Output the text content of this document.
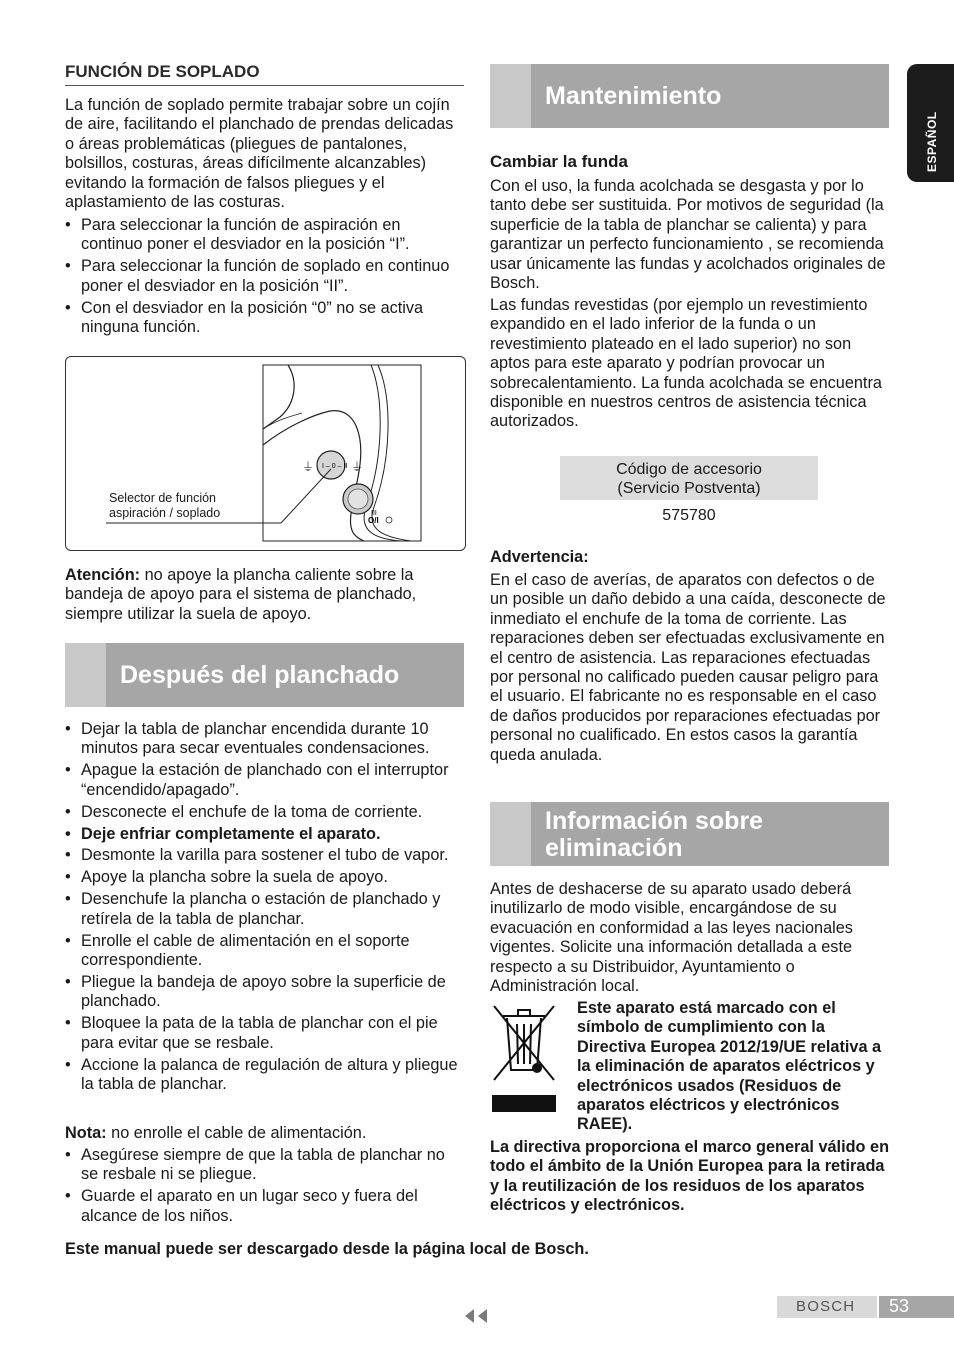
FUNCIÓN DE SOPLADO
La función de soplado permite trabajar sobre un cojín de aire, facilitando el planchado de prendas delicadas o áreas problemáticas (pliegues de pantalones, bolsillos, costuras, áreas difícilmente alcanzables) evitando la formación de falsos pliegues y el aplastamiento de las costuras.
• Para seleccionar la función de aspiración en continuo poner el desviador en la posición “I”.
• Para seleccionar la función de soplado en continuo poner el desviador en la posición “II”.
• Con el desviador en la posición “0” no se activa ninguna función.
I – 0 – II
⏚	⏚
III
O/I
Selector de función
aspiración / soplado
Atención: no apoye la plancha caliente sobre la bandeja de apoyo para el sistema de planchado, siempre utilizar la suela de apoyo.
Después del planchado
• Dejar la tabla de planchar encendida durante 10 minutos para secar eventuales condensaciones.
• Apague la estación de planchado con el interruptor “encendido/apagado”.
• Desconecte el enchufe de la toma de corriente.
• Deje enfriar completamente el aparato.
• Desmonte la varilla para sostener el tubo de vapor.
• Apoye la plancha sobre la suela de apoyo.
• Desenchufe la plancha o estación de planchado y retírela de la tabla de planchar.
• Enrolle el cable de alimentación en el soporte correspondiente.
• Pliegue la bandeja de apoyo sobre la superficie de planchado.
• Bloquee la pata de la tabla de planchar con el pie para evitar que se resbale.
• Accione la palanca de regulación de altura y pliegue la tabla de planchar.
Nota: no enrolle el cable de alimentación.
• Asegúrese siempre de que la tabla de planchar no se resbale ni se pliegue.
• Guarde el aparato en un lugar seco y fuera del alcance de los niños.
Mantenimiento
Cambiar la funda
Con el uso, la funda acolchada se desgasta y por lo tanto debe ser sustituida. Por motivos de seguridad (la superficie de la tabla de planchar se calienta) y para garantizar un perfecto funcionamiento , se recomienda usar únicamente las fundas y acolchados originales de Bosch.
Las fundas revestidas (por ejemplo un revestimiento expandido en el lado inferior de la funda o un revestimiento plateado en el lado superior) no son aptos para este aparato y podrían provocar un sobrecalentamiento. La funda acolchada se encuentra disponible en nuestros centros de asistencia técnica autorizados.
Código de accesorio
(Servicio Postventa)
575780
Advertencia:
En el caso de averías, de aparatos con defectos o de un posible un daño debido a una caída, desconecte de inmediato el enchufe de la toma de corriente. Las reparaciones deben ser efectuadas exclusivamente en el centro de asistencia. Las reparaciones efectuadas por personal no calificado pueden causar peligro para el usuario. El fabricante no es responsable en el caso de daños producidos por reparaciones efectuadas por personal no cualificado. En estos casos la garantía queda anulada.
Información sobre
eliminación
Antes de deshacerse de su aparato usado deberá inutilizarlo de modo visible, encargándose de su evacuación en conformidad a las leyes nacionales vigentes. Solicite una información detallada a este respecto a su Distribuidor, Ayuntamiento o Administración local.
Este aparato está marcado con el símbolo de cumplimiento con la Directiva Europea 2012/19/UE relativa a la eliminación de aparatos eléctricos y electrónicos usados (Residuos de aparatos eléctricos y electrónicos RAEE).
La directiva proporciona el marco general válido en todo el ámbito de la Unión Europea para la retirada y la reutilización de los residuos de los aparatos eléctricos y electrónicos.
Este manual puede ser descargado desde la página local de Bosch.
BOSCH 53
ESPAÑOL
